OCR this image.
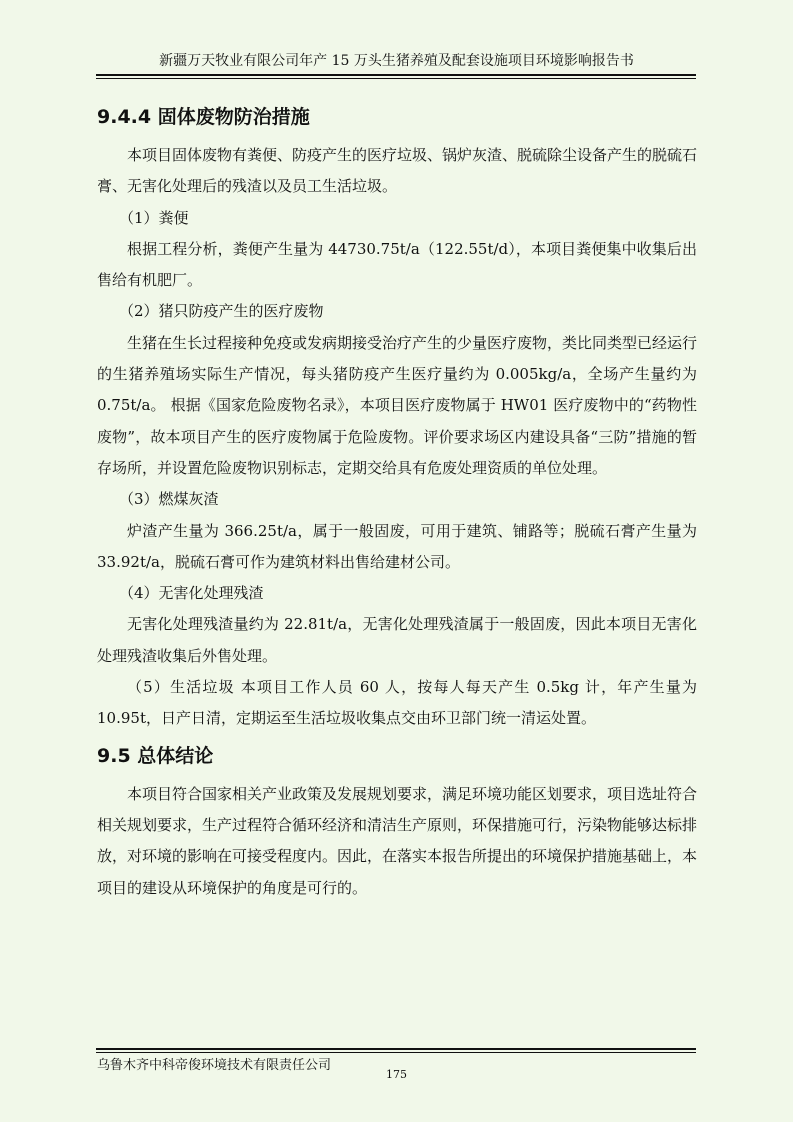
新疆万天牧业有限公司年产 15 万头生猪养殖及配套设施项目环境影响报告书
9.4.4 固体废物防治措施

本项目固体废物有粪便、防疫产生的医疗垃圾、锅炉灰渣、脱硫除尘设备产生的脱硫石膏、无害化处理后的残渣以及员工生活垃圾。

（1）粪便

根据工程分析，粪便产生量为 44730.75t/a（122.55t/d），本项目粪便集中收集后出售给有机肥厂。

（2）猪只防疫产生的医疗废物

生猪在生长过程接种免疫或发病期接受治疗产生的少量医疗废物，类比同类型已经运行的生猪养殖场实际生产情况，每头猪防疫产生医疗量约为 0.005kg/a，全场产生量约为 0.75t/a。 根据《国家危险废物名录》，本项目医疗废物属于 HW01 医疗废物中的“药物性废物”，故本项目产生的医疗废物属于危险废物。评价要求场区内建设具备“三防”措施的暂存场所，并设置危险废物识别标志，定期交给具有危废处理资质的单位处理。

（3）燃煤灰渣

炉渣产生量为 366.25t/a，属于一般固废，可用于建筑、铺路等；脱硫石膏产生量为 33.92t/a，脱硫石膏可作为建筑材料出售给建材公司。

（4）无害化处理残渣

无害化处理残渣量约为 22.81t/a，无害化处理残渣属于一般固废，因此本项目无害化处理残渣收集后外售处理。

（5）生活垃圾 本项目工作人员 60 人，按每人每天产生 0.5kg 计，年产生量为 10.95t，日产日清，定期运至生活垃圾收集点交由环卫部门统一清运处置。

9.5 总体结论

本项目符合国家相关产业政策及发展规划要求，满足环境功能区划要求，项目选址符合相关规划要求，生产过程符合循环经济和清洁生产原则，环保措施可行，污染物能够达标排放，对环境的影响在可接受程度内。因此，在落实本报告所提出的环境保护措施基础上，本项目的建设从环境保护的角度是可行的。

乌鲁木齐中科帝俊环境技术有限责任公司
175
